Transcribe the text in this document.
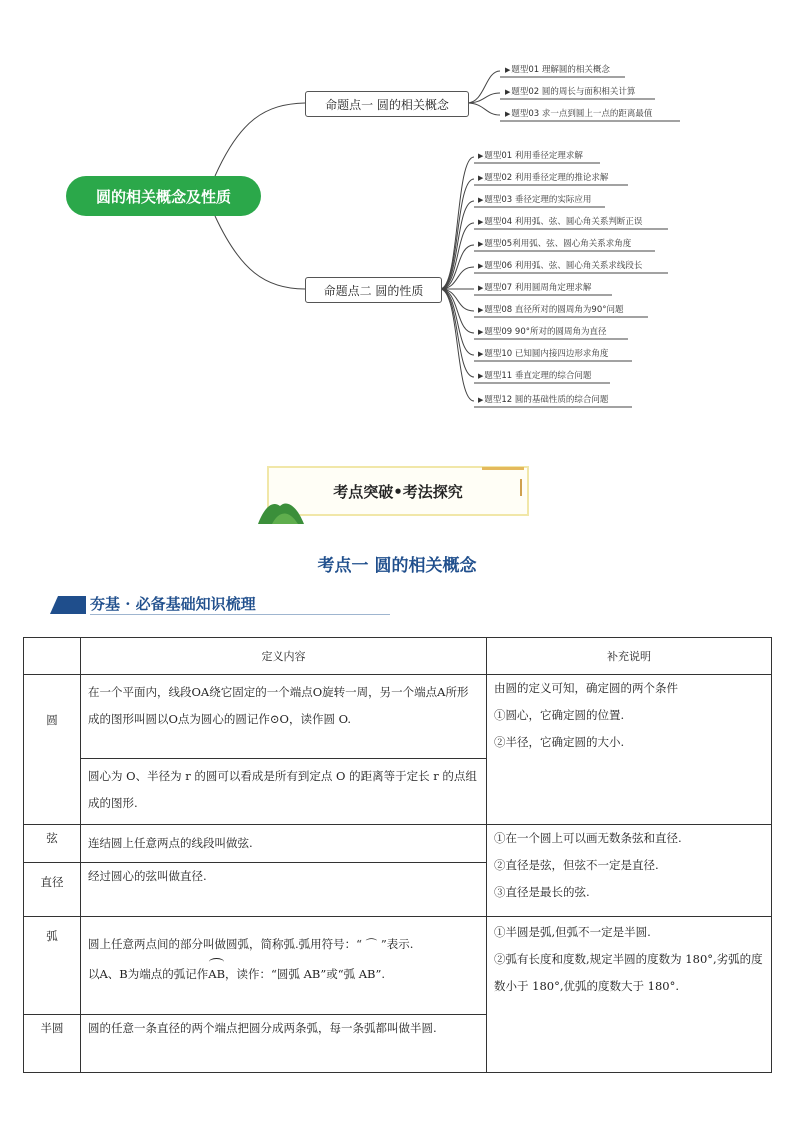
圆的相关概念及性质
命题点一 圆的相关概念
命题点二 圆的性质
▶ 题型01 理解圆的相关概念
▶ 题型02 圆的周长与面积相关计算
▶ 题型03 求一点到圆上一点的距离最值
▶ 题型01 利用垂径定理求解
▶ 题型02 利用垂径定理的推论求解
▶ 题型03 垂径定理的实际应用
▶ 题型04 利用弧、弦、圆心角关系判断正误
▶ 题型05利用弧、弦、圆心角关系求角度
▶ 题型06 利用弧、弦、圆心角关系求线段长
▶ 题型07 利用圆周角定理求解
▶ 题型08 直径所对的圆周角为90°问题
▶ 题型09 90°所对的圆周角为直径
▶ 题型10 已知圆内接四边形求角度
▶ 题型11 垂直定理的综合问题
▶ 题型12 圆的基础性质的综合问题
考点突破•考法探究
考点一 圆的相关概念
夯基 · 必备基础知识梳理
	定义内容	补充说明
圆	在一个平面内，线段OA绕它固定的一个端点O旋转一周，另一个端点A所形成的图形叫圆以O点为圆心的圆记作⊙O，读作圆 O.	由圆的定义可知，确定圆的两个条件
①圆心，它确定圆的位置.
②半径，它确定圆的大小.

	圆心为 O、半径为 r 的圆可以看成是所有到定点 O 的距离等于定长 r 的点组成的图形.	
弦	连结圆上任意两点的线段叫做弦.	①在一个圆上可以画无数条弦和直径.
②直径是弦，但弦不一定是直径.
③直径是最长的弦.

直径	经过圆心的弦叫做直径.	
弧	圆上任意两点间的部分叫做圆弧，简称弧.弧用符号：“ ⌒ ”表示.
以A、B为端点的弧记作AB，读作：“圆弧 AB”或“弧 AB”.	①半圆是弧,但弧不一定是半圆.
②弧有长度和度数,规定半圆的度数为 180°,劣弧的度数小于 180°,优弧的度数大于 180°.

半圆	圆的任意一条直径的两个端点把圆分成两条弧，每一条弧都叫做半圆.	
